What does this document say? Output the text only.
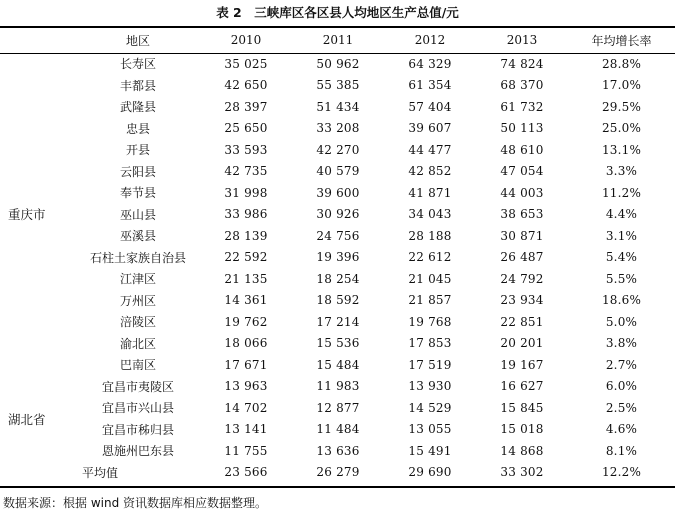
表 2　三峡库区各区县人均地区生产总值/元
	地区	2010	2011	2012	2013	年均增长率
重庆市	长寿区	35 025	50 962	64 329	74 824	28.8%
	丰都县	42 650	55 385	61 354	68 370	17.0%
	武隆县	28 397	51 434	57 404	61 732	29.5%
	忠县	25 650	33 208	39 607	50 113	25.0%
	开县	33 593	42 270	44 477	48 610	13.1%
	云阳县	42 735	40 579	42 852	47 054	3.3%
	奉节县	31 998	39 600	41 871	44 003	11.2%
	巫山县	33 986	30 926	34 043	38 653	4.4%
	巫溪县	28 139	24 756	28 188	30 871	3.1%
	石柱土家族自治县	22 592	19 396	22 612	26 487	5.4%
	江津区	21 135	18 254	21 045	24 792	5.5%
	万州区	14 361	18 592	21 857	23 934	18.6%
	涪陵区	19 762	17 214	19 768	22 851	5.0%
	渝北区	18 066	15 536	17 853	20 201	3.8%
	巴南区	17 671	15 484	17 519	19 167	2.7%
湖北省	宜昌市夷陵区	13 963	11 983	13 930	16 627	6.0%
	宜昌市兴山县	14 702	12 877	14 529	15 845	2.5%
	宜昌市秭归县	13 141	11 484	13 055	15 018	4.6%
	恩施州巴东县	11 755	13 636	15 491	14 868	8.1%
平均值		23 566	26 279	29 690	33 302	12.2%
数据来源：根据 wind 资讯数据库相应数据整理。
